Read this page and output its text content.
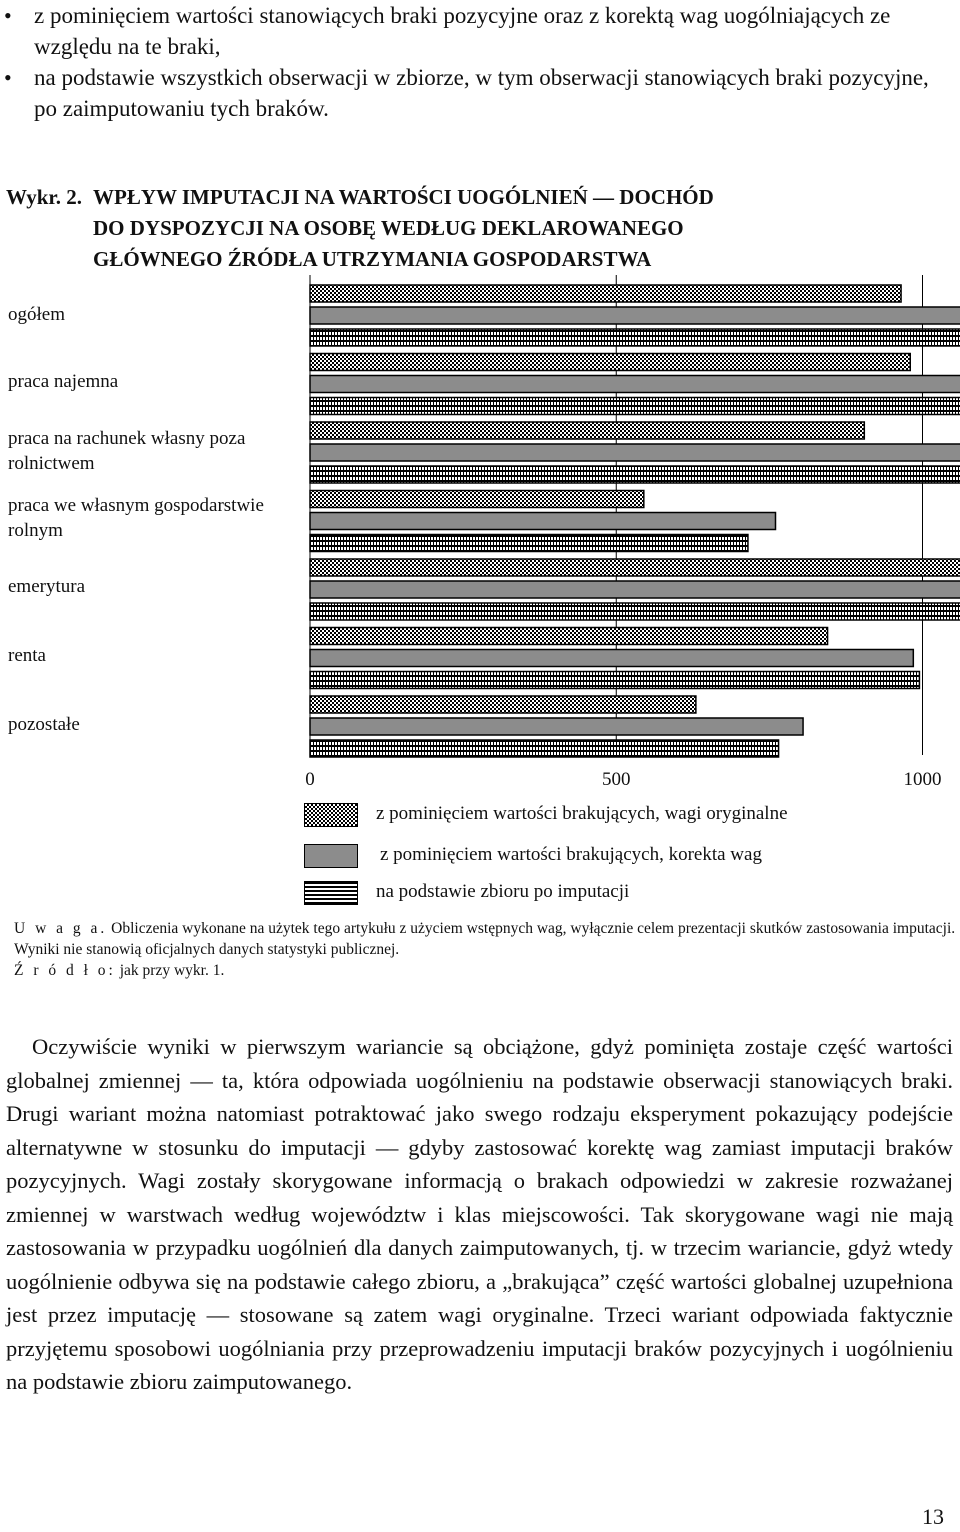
• z pominięciem wartości stanowiących braki pozycyjne oraz z korektą wag uogólniających ze względu na te braki,
• na podstawie wszystkich obserwacji w zbiorze, w tym obserwacji stanowiących braki pozycyjne, po zaimputowaniu tych braków.
Wykr. 2. WPŁYW IMPUTACJI NA WARTOŚCI UOGÓLNIEŃ — DOCHÓD
DO DYSPOZYCJI NA OSOBĘ WEDŁUG DEKLAROWANEGO
GŁÓWNEGO ŹRÓDŁA UTRZYMANIA GOSPODARSTWA
ogółem
praca najemna
praca na rachunek własny poza rolnictwem
praca we własnym gospodarstwie rolnym
emerytura
renta
pozostałe
0	500	1000
z pominięciem wartości brakujących, wagi oryginalne
z pominięciem wartości brakujących, korekta wag
na podstawie zbioru po imputacji
U w a g a. Obliczenia wykonane na użytek tego artykułu z użyciem wstępnych wag, wyłącznie celem prezentacji skutków zastosowania imputacji. Wyniki nie stanowią oficjalnych danych statystyki publicznej.
Ź r ó d ł o: jak przy wykr. 1.
Oczywiście wyniki w pierwszym wariancie są obciążone, gdyż pominięta zostaje część wartości globalnej zmiennej — ta, która odpowiada uogólnieniu na podstawie obserwacji stanowiących braki. Drugi wariant można natomiast potraktować jako swego rodzaju eksperyment pokazujący podejście alternatywne w stosunku do imputacji — gdyby zastosować korektę wag zamiast imputacji braków pozycyjnych. Wagi zostały skorygowane informacją o brakach odpowiedzi w zakresie rozważanej zmiennej w warstwach według województw i klas miejscowości. Tak skorygowane wagi nie mają zastosowania w przypadku uogólnień dla danych zaimputowanych, tj. w trzecim wariancie, gdyż wtedy uogólnienie odbywa się na podstawie całego zbioru, a „brakująca” część wartości globalnej uzupełniona jest przez imputację — stosowane są zatem wagi oryginalne. Trzeci wariant odpowiada faktycznie przyjętemu sposobowi uogólniania przy przeprowadzeniu imputacji braków pozycyjnych i uogólnieniu na podstawie zbioru zaimputowanego.
13
